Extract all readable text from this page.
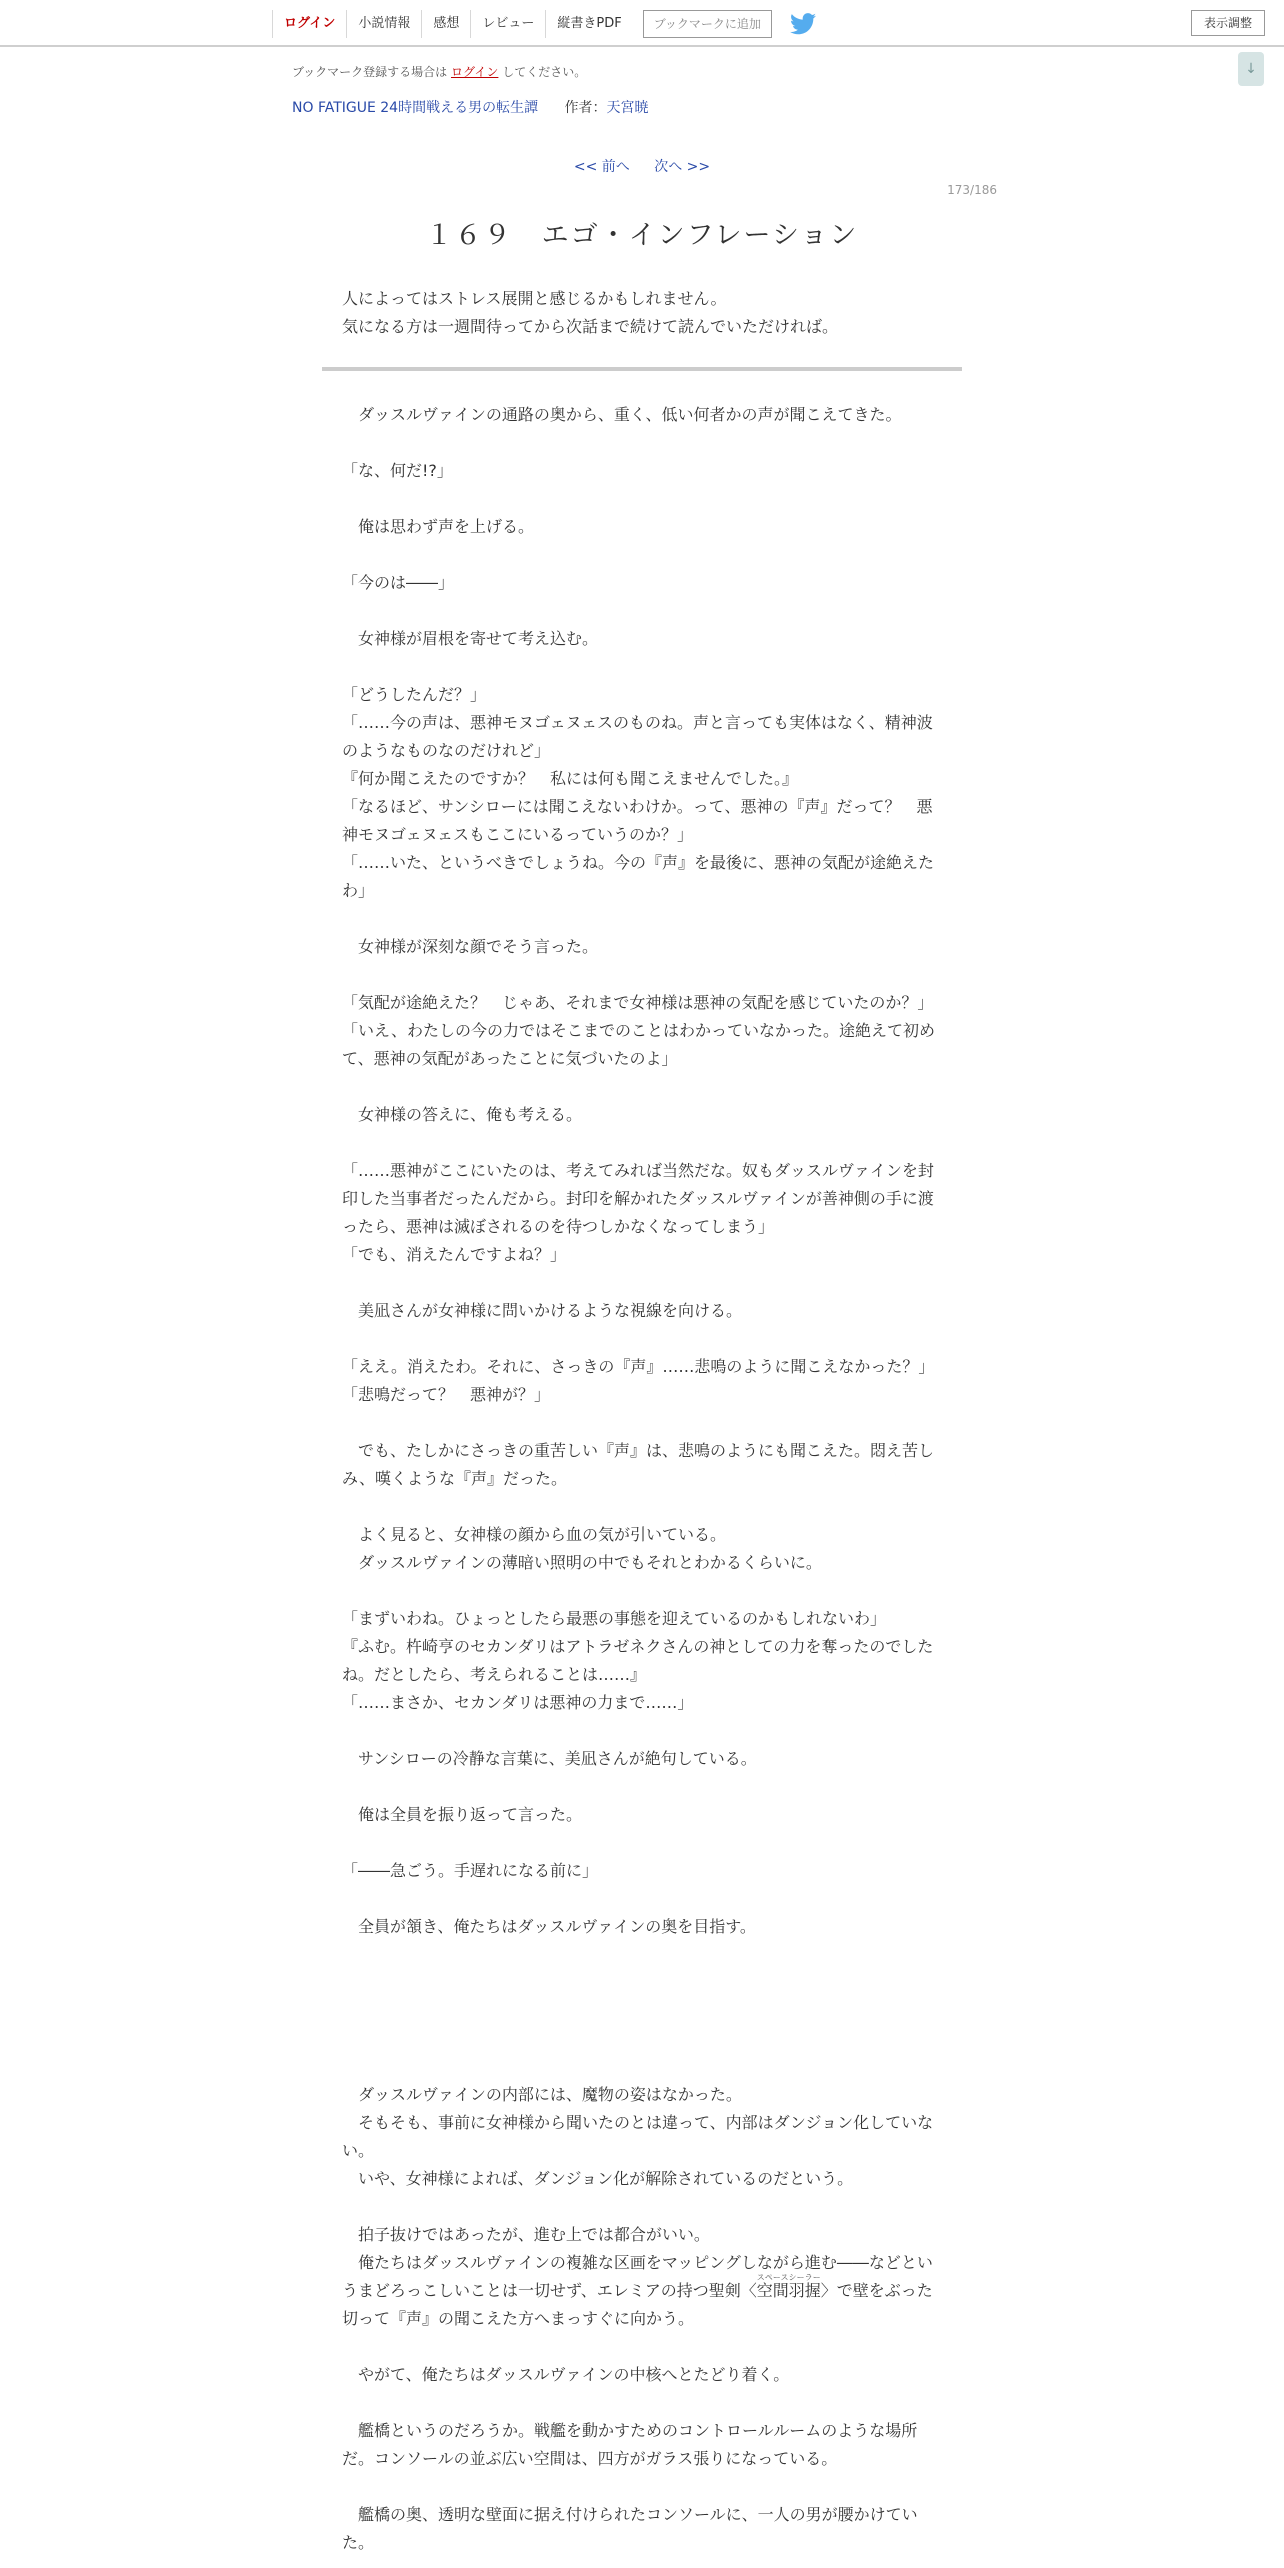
ログイン	小説情報	感想	レビュー	縦書きPDF	ブックマークに追加	表示調整
↓
ブックマーク登録する場合は ログイン してください。
NO FATIGUE 24時間戦える男の転生譚 作者：天宮暁
<< 前へ 次へ >>
173/186
１６９　エゴ・インフレーション
人によってはストレス展開と感じるかもしれません。
気になる方は一週間待ってから次話まで続けて読んでいただければ。
　ダッスルヴァインの通路の奥から、重く、低い何者かの声が聞こえてきた。
「な、何だ!?」
　俺は思わず声を上げる。
「今のは――」
　女神様が眉根を寄せて考え込む。
「どうしたんだ？」
「……今の声は、悪神モヌゴェヌェスのものね。声と言っても実体はなく、精神波のようなものなのだけれど」
『何か聞こえたのですか？　私には何も聞こえませんでした。』
「なるほど、サンシローには聞こえないわけか。って、悪神の『声』だって？　悪神モヌゴェヌェスもここにいるっていうのか？」
「……いた、というべきでしょうね。今の『声』を最後に、悪神の気配が途絶えたわ」
　女神様が深刻な顔でそう言った。
「気配が途絶えた？　じゃあ、それまで女神様は悪神の気配を感じていたのか？」
「いえ、わたしの今の力ではそこまでのことはわかっていなかった。途絶えて初めて、悪神の気配があったことに気づいたのよ」
　女神様の答えに、俺も考える。
「……悪神がここにいたのは、考えてみれば当然だな。奴もダッスルヴァインを封印した当事者だったんだから。封印を解かれたダッスルヴァインが善神側の手に渡ったら、悪神は滅ぼされるのを待つしかなくなってしまう」
「でも、消えたんですよね？」
　美凪さんが女神様に問いかけるような視線を向ける。
「ええ。消えたわ。それに、さっきの『声』……悲鳴のように聞こえなかった？」
「悲鳴だって？　悪神が？」
　でも、たしかにさっきの重苦しい『声』は、悲鳴のようにも聞こえた。悶え苦しみ、嘆くような『声』だった。
　よく見ると、女神様の顔から血の気が引いている。
　ダッスルヴァインの薄暗い照明の中でもそれとわかるくらいに。
「まずいわね。ひょっとしたら最悪の事態を迎えているのかもしれないわ」
『ふむ。杵崎亨のセカンダリはアトラゼネクさんの神としての力を奪ったのでしたね。だとしたら、考えられることは……』
「……まさか、セカンダリは悪神の力まで……」
　サンシローの冷静な言葉に、美凪さんが絶句している。
　俺は全員を振り返って言った。
「――急ごう。手遅れになる前に」
　全員が頷き、俺たちはダッスルヴァインの奥を目指す。
　ダッスルヴァインの内部には、魔物の姿はなかった。
　そもそも、事前に女神様から聞いたのとは違って、内部はダンジョン化していない。
　いや、女神様によれば、ダンジョン化が解除されているのだという。
　拍子抜けではあったが、進む上では都合がいい。
　俺たちはダッスルヴァインの複雑な区画をマッピングしながら進む――などというまどろっこしいことは一切せず、エレミアの持つ聖剣〈空間羽握スペースシーラー〉で壁をぶった切って『声』の聞こえた方へまっすぐに向かう。
　やがて、俺たちはダッスルヴァインの中核へとたどり着く。
　艦橋というのだろうか。戦艦を動かすためのコントロールルームのような場所だ。コンソールの並ぶ広い空間は、四方がガラス張りになっている。
　艦橋の奥、透明な壁面に据え付けられたコンソールに、一人の男が腰かけていた。
